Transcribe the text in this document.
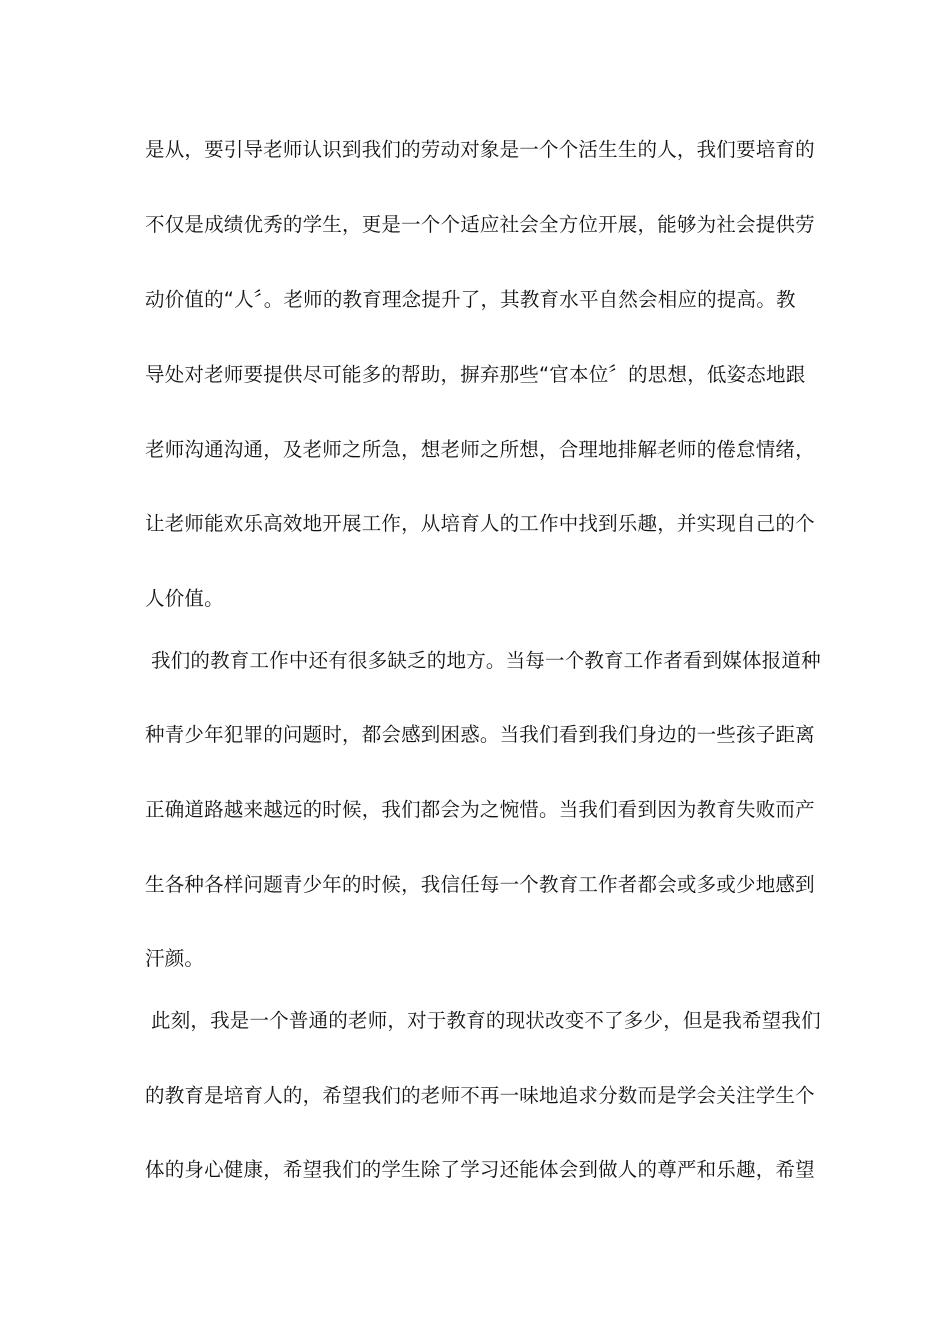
是从，要引导老师认识到我们的劳动对象是一个个活生生的人，我们要培育的
不仅是成绩优秀的学生，更是一个个适应社会全方位开展，能够为社会提供劳
动价值的“人〞。老师的教育理念提升了，其教育水平自然会相应的提高。教
导处对老师要提供尽可能多的帮助，摒弃那些“官本位〞的思想，低姿态地跟
老师沟通沟通，及老师之所急，想老师之所想，合理地排解老师的倦怠情绪，
让老师能欢乐高效地开展工作，从培育人的工作中找到乐趣，并实现自己的个
人价值。
我们的教育工作中还有很多缺乏的地方。当每一个教育工作者看到媒体报道种
种青少年犯罪的问题时，都会感到困惑。当我们看到我们身边的一些孩子距离
正确道路越来越远的时候，我们都会为之惋惜。当我们看到因为教育失败而产
生各种各样问题青少年的时候，我信任每一个教育工作者都会或多或少地感到
汗颜。
此刻，我是一个普通的老师，对于教育的现状改变不了多少，但是我希望我们
的教育是培育人的，希望我们的老师不再一味地追求分数而是学会关注学生个
体的身心健康，希望我们的学生除了学习还能体会到做人的尊严和乐趣，希望
